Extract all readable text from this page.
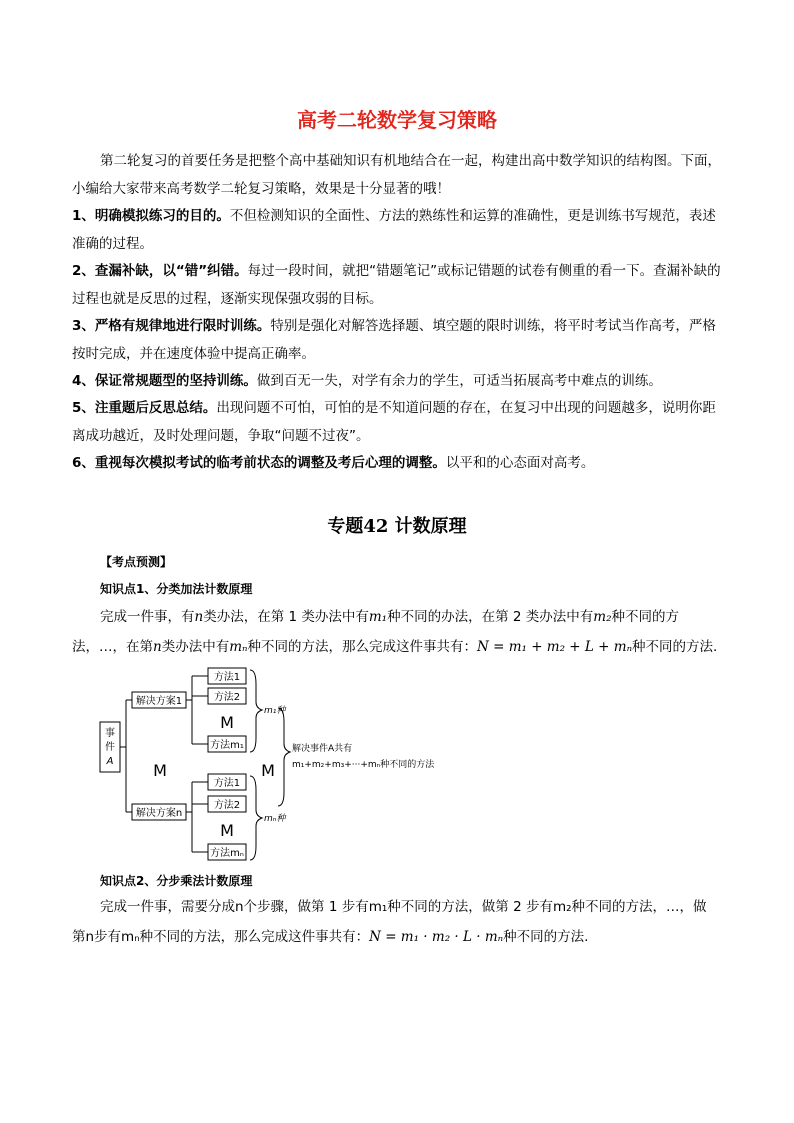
高考二轮数学复习策略
第二轮复习的首要任务是把整个高中基础知识有机地结合在一起，构建出高中数学知识的结构图。下面，小编给大家带来高考数学二轮复习策略，效果是十分显著的哦！
1、明确模拟练习的目的。不但检测知识的全面性、方法的熟练性和运算的准确性，更是训练书写规范，表述准确的过程。
2、查漏补缺，以“错”纠错。每过一段时间，就把“错题笔记”或标记错题的试卷有侧重的看一下。查漏补缺的过程也就是反思的过程，逐渐实现保强攻弱的目标。
3、严格有规律地进行限时训练。特别是强化对解答选择题、填空题的限时训练，将平时考试当作高考，严格按时完成，并在速度体验中提高正确率。
4、保证常规题型的坚持训练。做到百无一失，对学有余力的学生，可适当拓展高考中难点的训练。
5、注重题后反思总结。出现问题不可怕，可怕的是不知道问题的存在，在复习中出现的问题越多，说明你距离成功越近，及时处理问题，争取“问题不过夜”。
6、重视每次模拟考试的临考前状态的调整及考后心理的调整。以平和的心态面对高考。
专题42 计数原理
【考点预测】
知识点1、分类加法计数原理
完成一件事，有n类办法，在第 1 类办法中有m₁种不同的办法，在第 2 类办法中有m₂种不同的方
法，…，在第n类办法中有mₙ种不同的方法，那么完成这件事共有：N = m₁ + m₂ + L + mₙ种不同的方法.
事
件
A
解决方案1
解决方案n
方法1
方法2
方法m₁
方法1
方法2
方法mₙ
M
M
M	M
m₁种
mₙ种
解决事件A共有
m₁+m₂+m₃+···+mₙ种不同的方法
知识点2、分步乘法计数原理
完成一件事，需要分成n个步骤，做第 1 步有m₁种不同的方法，做第 2 步有m₂种不同的方法，…，做
第n步有mₙ种不同的方法，那么完成这件事共有：N = m₁ · m₂ · L · mₙ种不同的方法.
